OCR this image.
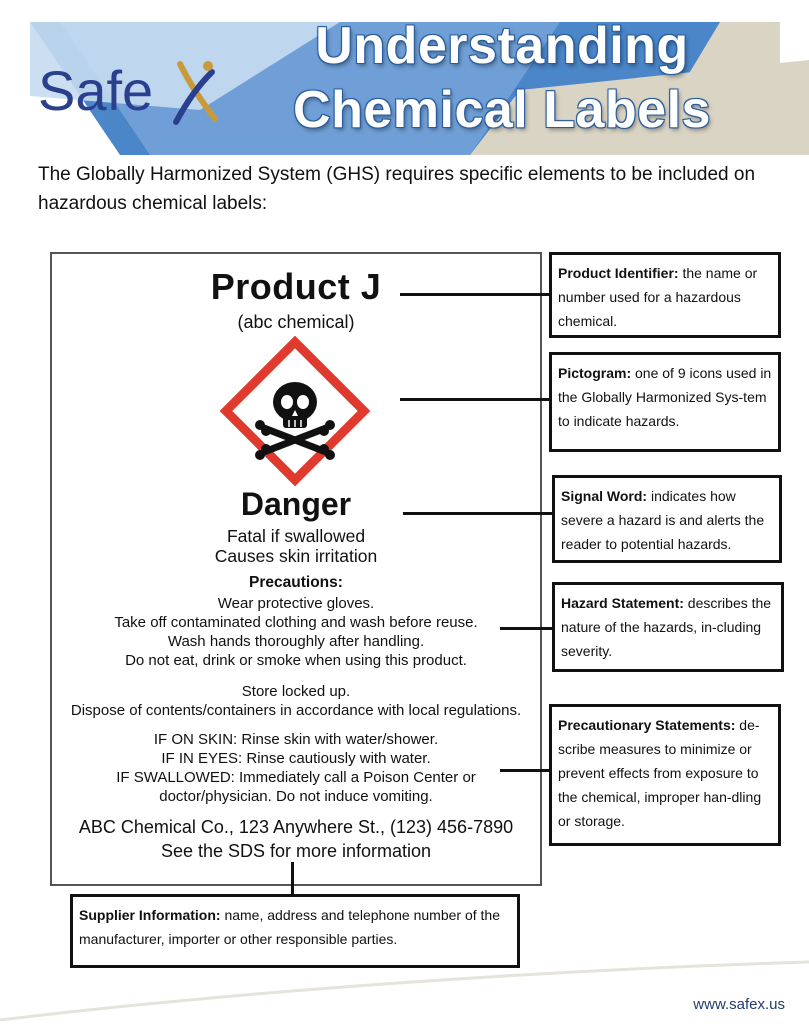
Safe
Understanding
Chemical Labels
The Globally Harmonized System (GHS) requires specific elements to be included on hazardous chemical labels:
Product J
(abc chemical)
Danger
Fatal if swallowed
Causes skin irritation
Precautions:
Wear protective gloves.
Take off contaminated clothing and wash before reuse.
Wash hands thoroughly after handling.
Do not eat, drink or smoke when using this product.
Store locked up.
Dispose of contents/containers in accordance with local regulations.
IF ON SKIN: Rinse skin with water/shower.
IF IN EYES: Rinse cautiously with water.
IF SWALLOWED: Immediately call a Poison Center or
doctor/physician. Do not induce vomiting.
ABC Chemical Co., 123 Anywhere St., (123) 456-7890
See the SDS for more information
Product Identifier: the name or number used for a hazardous chemical.
Pictogram: one of 9 icons used in the Globally Harmonized Sys-tem to indicate hazards.
Signal Word: indicates how severe a hazard is and alerts the reader to potential hazards.
Hazard Statement: describes the nature of the hazards, in-cluding severity.
Precautionary Statements: de-scribe measures to minimize or prevent effects from exposure to the chemical, improper han-dling or storage.
Supplier Information: name, address and telephone number of the manufacturer, importer or other responsible parties.
www.safex.us
